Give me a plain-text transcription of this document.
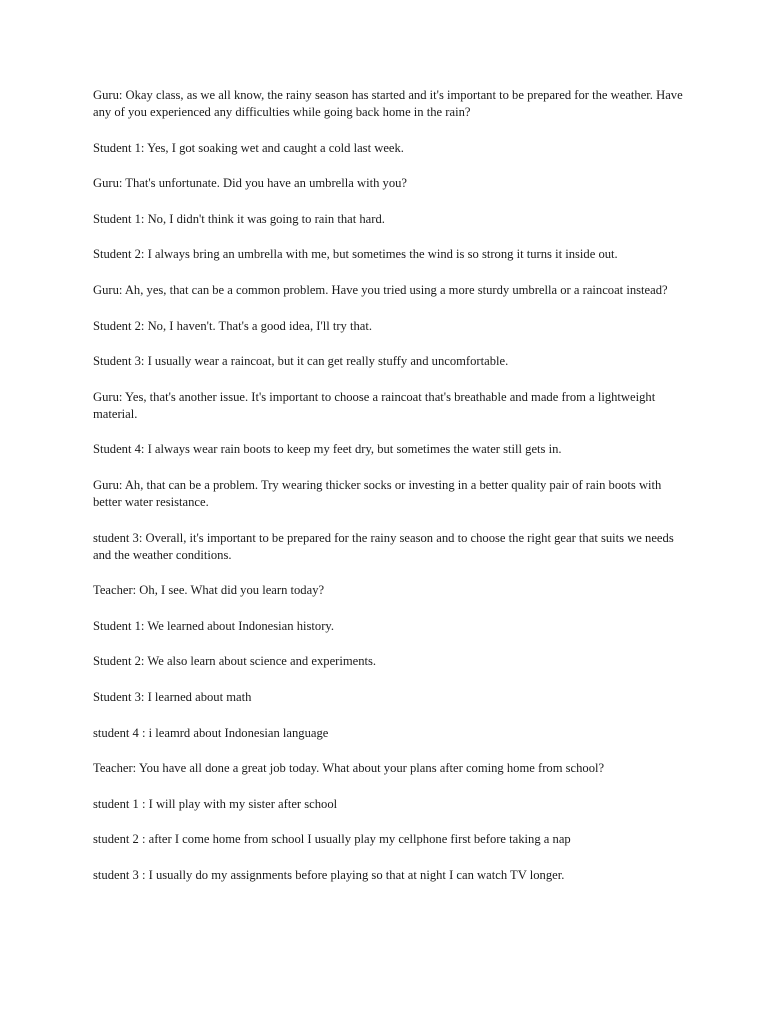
Guru: Okay class, as we all know, the rainy season has started and it's important to be prepared for the weather. Have any of you experienced any difficulties while going back home in the rain?

Student 1: Yes, I got soaking wet and caught a cold last week.

Guru: That's unfortunate. Did you have an umbrella with you?

Student 1: No, I didn't think it was going to rain that hard.

Student 2: I always bring an umbrella with me, but sometimes the wind is so strong it turns it inside out.

Guru: Ah, yes, that can be a common problem. Have you tried using a more sturdy umbrella or a raincoat instead?

Student 2: No, I haven't. That's a good idea, I'll try that.

Student 3: I usually wear a raincoat, but it can get really stuffy and uncomfortable.

Guru: Yes, that's another issue. It's important to choose a raincoat that's breathable and made from a lightweight material.

Student 4: I always wear rain boots to keep my feet dry, but sometimes the water still gets in.

Guru: Ah, that can be a problem. Try wearing thicker socks or investing in a better quality pair of rain boots with better water resistance.

student 3: Overall, it's important to be prepared for the rainy season and to choose the right gear that suits we needs and the weather conditions.

Teacher: Oh, I see. What did you learn today?

Student 1: We learned about Indonesian history.

Student 2: We also learn about science and experiments.

Student 3: I learned about math

student 4 : i leamrd about Indonesian language

Teacher: You have all done a great job today. What about your plans after coming home from school?

student 1 : I will play with my sister after school

student 2 : after I come home from school I usually play my cellphone first before taking a nap

student 3 : I usually do my assignments before playing so that at night I can watch TV longer.
